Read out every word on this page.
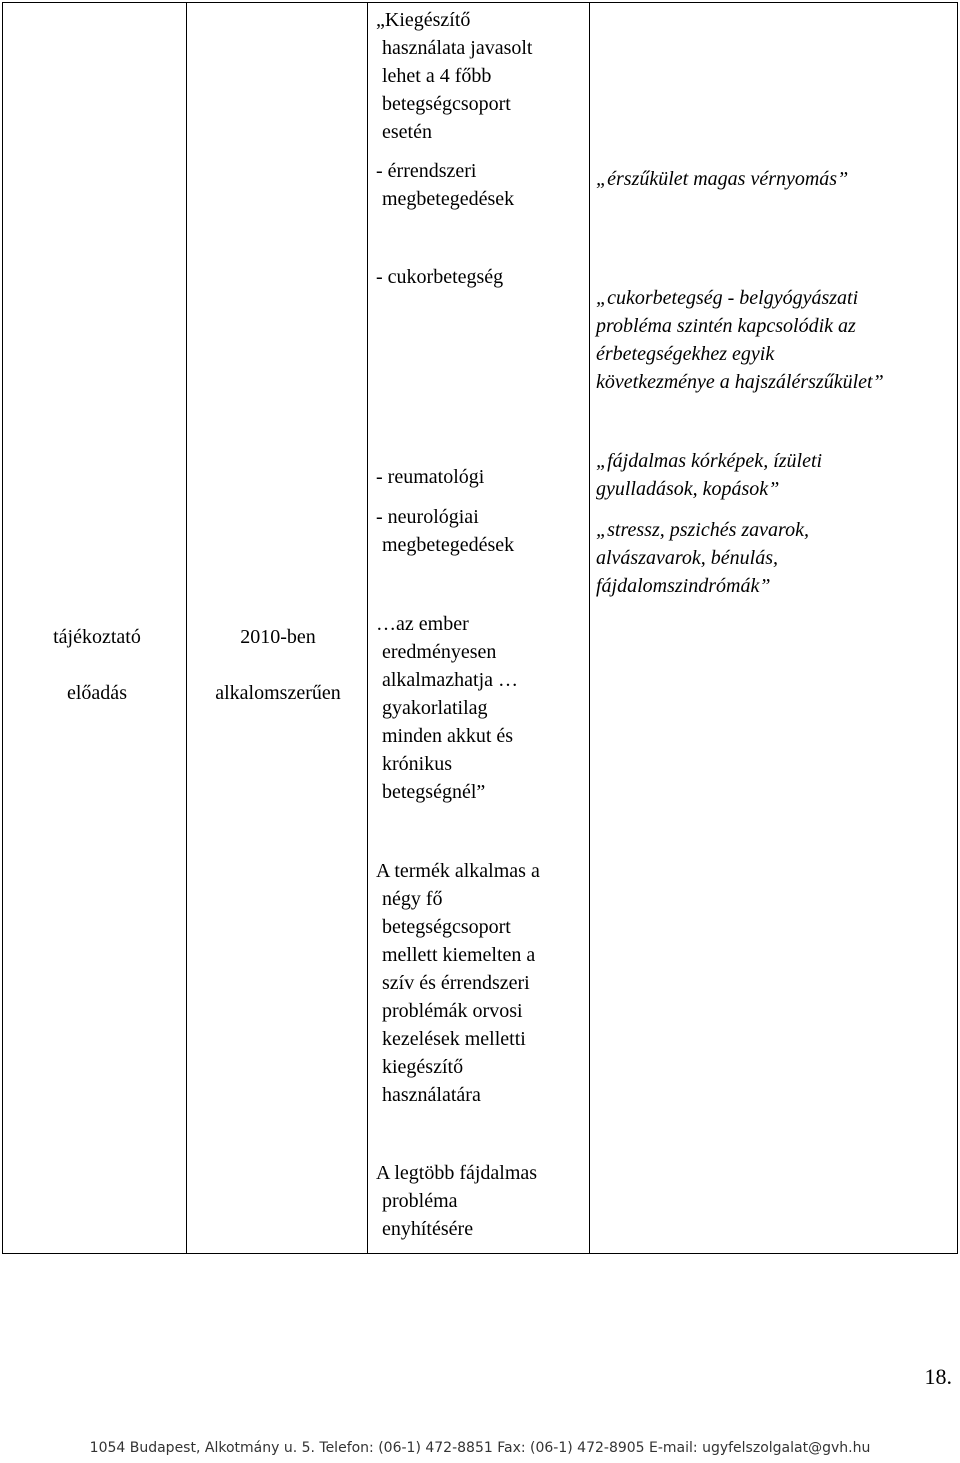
tájékoztató

előadás

2010-ben

alkalomszerűen

„Kiegészítő
használata javasolt
lehet a 4 főbb
betegségcsoport
esetén
- érrendszeri
megbetegedések
- cukorbetegség
- reumatológi
- neurológiai
megbetegedések
…az ember
eredményesen
alkalmazhatja …
gyakorlatilag
minden akkut és
krónikus
betegségnél”
A termék alkalmas a
négy fő
betegségcsoport
mellett kiemelten a
szív és érrendszeri
problémák orvosi
kezelések melletti
kiegészítő
használatára
A legtöbb fájdalmas
probléma
enyhítésére
„érszűkület magas vérnyomás”
„cukorbetegség - belgyógyászati
probléma szintén kapcsolódik az
érbetegségekhez egyik
következménye a hajszálérszűkület”
„fájdalmas kórképek, ízületi
gyulladások, kopások”
„stressz, pszichés zavarok,
alvászavarok, bénulás,
fájdalomszindrómák”
18.
1054 Budapest, Alkotmány u. 5. Telefon: (06-1) 472-8851 Fax: (06-1) 472-8905 E-mail: ugyfelszolgalat@gvh.hu
